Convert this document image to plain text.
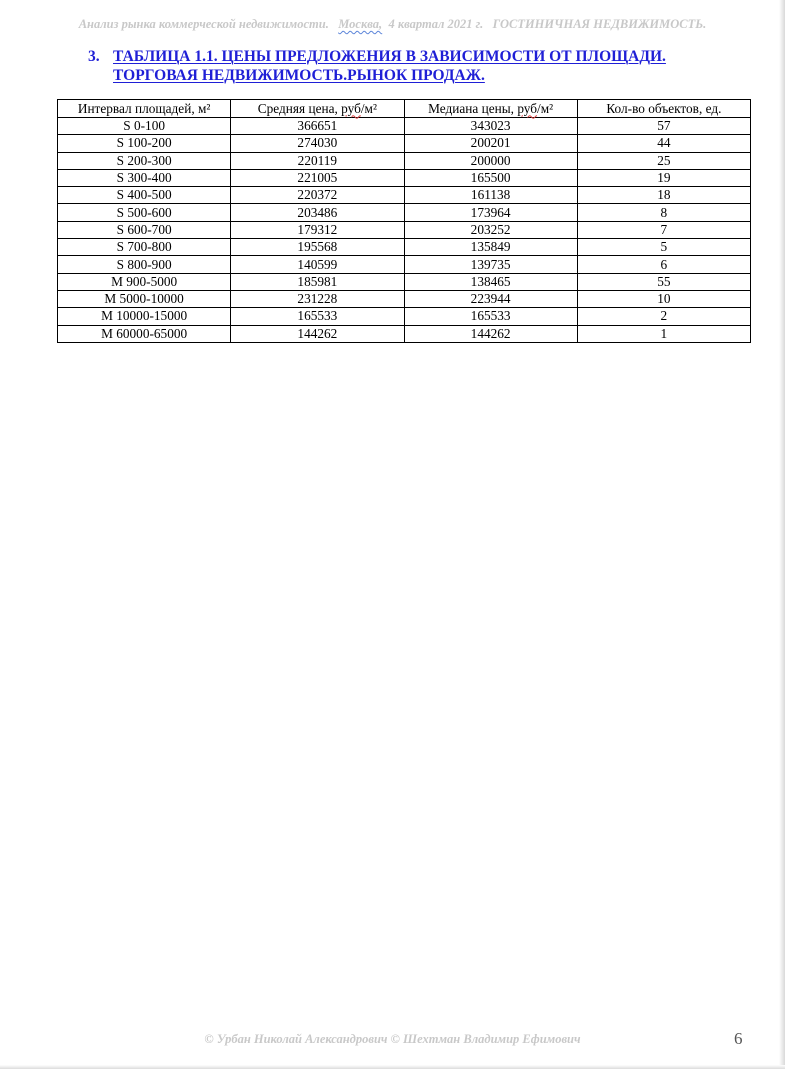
Анализ рынка коммерческой недвижимости. Москва, 4 квартал 2021 г. ГОСТИНИЧНАЯ НЕДВИЖИМОСТЬ.
3. ТАБЛИЦА 1.1. ЦЕНЫ ПРЕДЛОЖЕНИЯ В ЗАВИСИМОСТИ ОТ ПЛОЩАДИ. ТОРГОВАЯ НЕДВИЖИМОСТЬ.РЫНОК ПРОДАЖ.
Интервал площадей, м²	Средняя цена, руб/м²	Медиана цены, руб/м²	Кол-во объектов, ед.
S 0-100	366651	343023	57
S 100-200	274030	200201	44
S 200-300	220119	200000	25
S 300-400	221005	165500	19
S 400-500	220372	161138	18
S 500-600	203486	173964	8
S 600-700	179312	203252	7
S 700-800	195568	135849	5
S 800-900	140599	139735	6
M 900-5000	185981	138465	55
M 5000-10000	231228	223944	10
M 10000-15000	165533	165533	2
M 60000-65000	144262	144262	1
© Урбан Николай Александрович © Шехтман Владимир Ефимович	6
